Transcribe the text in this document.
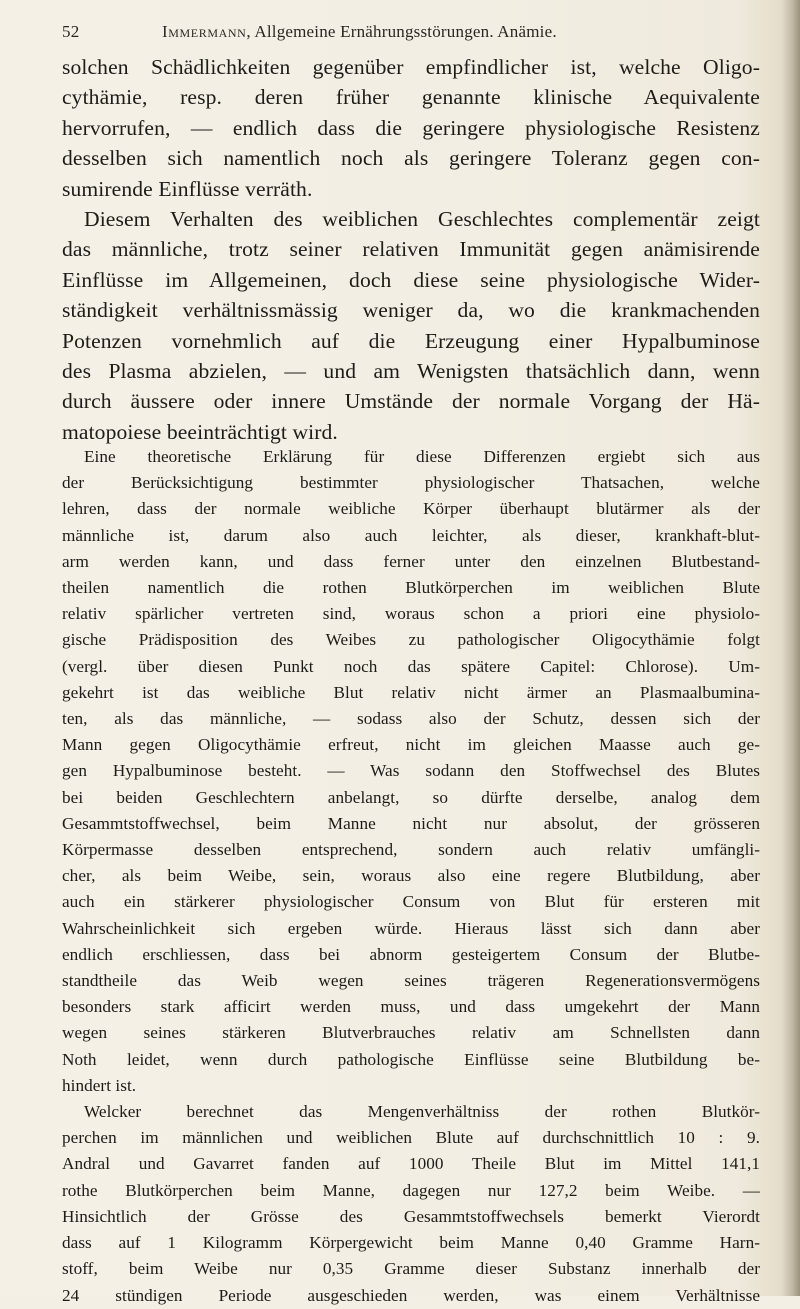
52	Immermann, Allgemeine Ernährungsstörungen. Anämie.
solchen Schädlichkeiten gegenüber empfindlicher ist, welche Oligo-
cythämie, resp. deren früher genannte klinische Aequivalente
hervorrufen, — endlich dass die geringere physiologische Resistenz
desselben sich namentlich noch als geringere Toleranz gegen con-
sumirende Einflüsse verräth.
Diesem Verhalten des weiblichen Geschlechtes complementär zeigt
das männliche, trotz seiner relativen Immunität gegen anämisirende
Einflüsse im Allgemeinen, doch diese seine physiologische Wider-
ständigkeit verhältnissmässig weniger da, wo die krankmachenden
Potenzen vornehmlich auf die Erzeugung einer Hypalbuminose
des Plasma abzielen, — und am Wenigsten thatsächlich dann, wenn
durch äussere oder innere Umstände der normale Vorgang der Hä-
matopoiese beeinträchtigt wird.
Eine theoretische Erklärung für diese Differenzen ergiebt sich aus
der Berücksichtigung bestimmter physiologischer Thatsachen, welche
lehren, dass der normale weibliche Körper überhaupt blutärmer als der
männliche ist, darum also auch leichter, als dieser, krankhaft-blut-
arm werden kann, und dass ferner unter den einzelnen Blutbestand-
theilen namentlich die rothen Blutkörperchen im weiblichen Blute
relativ spärlicher vertreten sind, woraus schon a priori eine physiolo-
gische Prädisposition des Weibes zu pathologischer Oligocythämie folgt
(vergl. über diesen Punkt noch das spätere Capitel: Chlorose). Um-
gekehrt ist das weibliche Blut relativ nicht ärmer an Plasmaalbumina-
ten, als das männliche, — sodass also der Schutz, dessen sich der
Mann gegen Oligocythämie erfreut, nicht im gleichen Maasse auch ge-
gen Hypalbuminose besteht. — Was sodann den Stoffwechsel des Blutes
bei beiden Geschlechtern anbelangt, so dürfte derselbe, analog dem
Gesammtstoffwechsel, beim Manne nicht nur absolut, der grösseren
Körpermasse desselben entsprechend, sondern auch relativ umfängli-
cher, als beim Weibe, sein, woraus also eine regere Blutbildung, aber
auch ein stärkerer physiologischer Consum von Blut für ersteren mit
Wahrscheinlichkeit sich ergeben würde. Hieraus lässt sich dann aber
endlich erschliessen, dass bei abnorm gesteigertem Consum der Blutbe-
standtheile das Weib wegen seines trägeren Regenerationsvermögens
besonders stark afficirt werden muss, und dass umgekehrt der Mann
wegen seines stärkeren Blutverbrauches relativ am Schnellsten dann
Noth leidet, wenn durch pathologische Einflüsse seine Blutbildung be-
hindert ist.
Welcker berechnet das Mengenverhältniss der rothen Blutkör-
perchen im männlichen und weiblichen Blute auf durchschnittlich 10 : 9.
Andral und Gavarret fanden auf 1000 Theile Blut im Mittel 141,1
rothe Blutkörperchen beim Manne, dagegen nur 127,2 beim Weibe. —
Hinsichtlich der Grösse des Gesammtstoffwechsels bemerkt Vierordt
dass auf 1 Kilogramm Körpergewicht beim Manne 0,40 Gramme Harn-
stoff, beim Weibe nur 0,35 Gramme dieser Substanz innerhalb der
24 stündigen Periode ausgeschieden werden, was einem Verhältnisse
